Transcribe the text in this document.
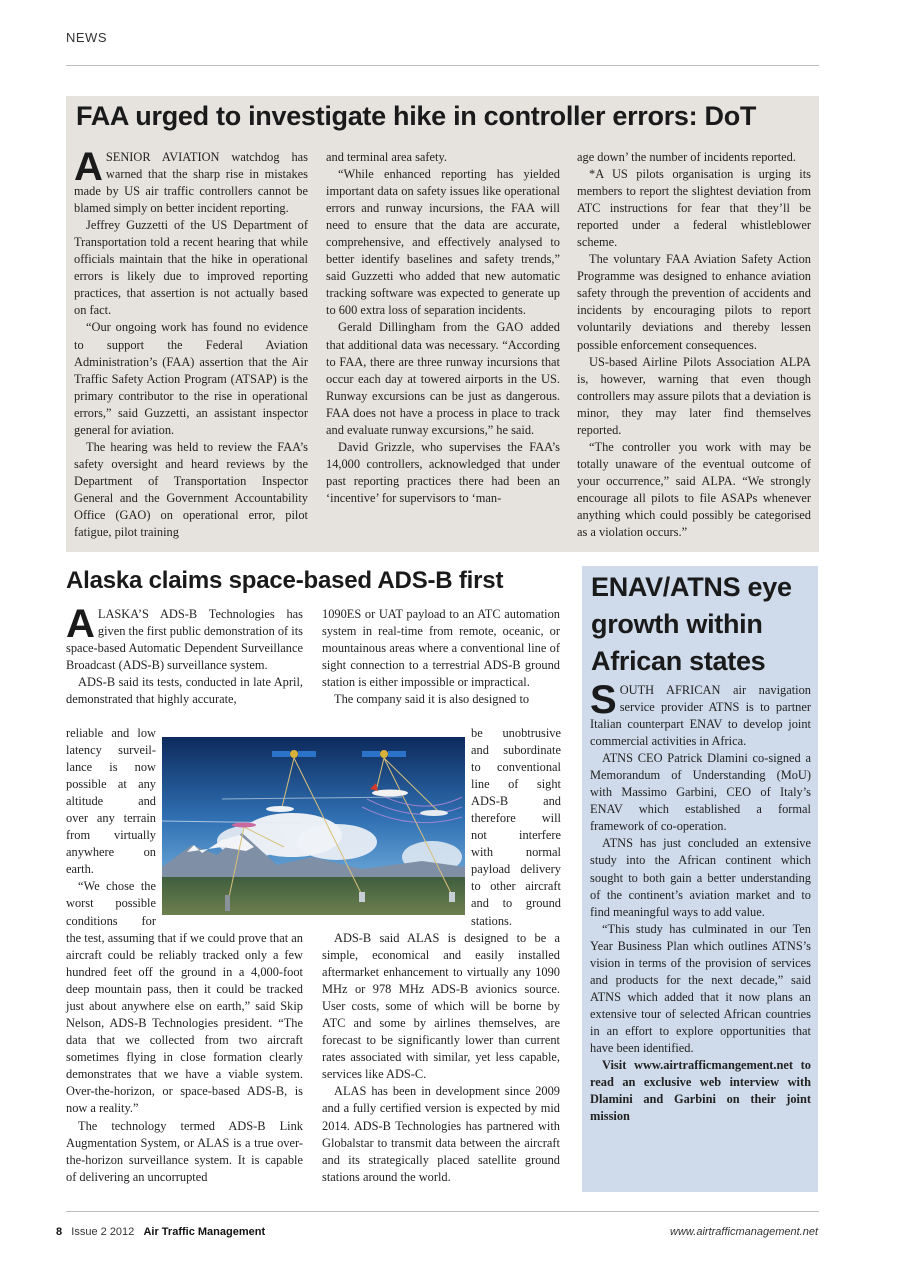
NEWS
FAA urged to investigate hike in controller errors: DoT

ASENIOR AVIATION watchdog has warned that the sharp rise in mistakes made by US air traffic controllers cannot be blamed simply on better incident reporting.

Jeffrey Guzzetti of the US Department of Transportation told a recent hearing that while officials maintain that the hike in operational errors is likely due to improved reporting practices, that assertion is not actually based on fact.

“Our ongoing work has found no evidence to support the Federal Aviation Administration’s (FAA) assertion that the Air Traffic Safety Action Program (ATSAP) is the primary contributor to the rise in operational errors,” said Guzzetti, an assistant inspector general for aviation.

The hearing was held to review the FAA’s safety oversight and heard reviews by the Department of Transportation Inspector General and the Government Accountability Office (GAO) on operational error, pilot fatigue, pilot training

and terminal area safety.

“While enhanced reporting has yielded important data on safety issues like operational errors and runway incursions, the FAA will need to ensure that the data are accurate, comprehensive, and effectively analysed to better identify baselines and safety trends,” said Guzzetti who added that new automatic tracking software was expected to generate up to 600 extra loss of separation incidents.

Gerald Dillingham from the GAO added that additional data was necessary. “According to FAA, there are three runway incursions that occur each day at towered airports in the US. Runway excursions can be just as dangerous. FAA does not have a process in place to track and evaluate runway excursions,” he said.

David Grizzle, who supervises the FAA’s 14,000 controllers, acknowledged that under past reporting practices there had been an ‘incentive’ for supervisors to ‘man-

age down’ the number of incidents reported.

*A US pilots organisation is urging its members to report the slightest deviation from ATC instructions for fear that they’ll be reported under a federal whistleblower scheme.

The voluntary FAA Aviation Safety Action Programme was designed to enhance aviation safety through the prevention of accidents and incidents by encouraging pilots to report voluntarily deviations and thereby lessen possible enforcement consequences.

US-based Airline Pilots Association ALPA is, however, warning that even though controllers may assure pilots that a deviation is minor, they may later find themselves reported.

“The controller you work with may be totally unaware of the eventual outcome of your occurrence,” said ALPA. “We strongly encourage all pilots to file ASAPs whenever anything which could possibly be categorised as a violation occurs.”

Alaska claims space-based ADS-B first

ALASKA’S ADS-B Technologies has given the first public demonstration of its space-based Automatic Dependent Surveillance Broadcast (ADS-B) surveillance system.

ADS-B said its tests, conducted in late April, demonstrated that highly accurate,

1090ES or UAT payload to an ATC automation system in real-time from remote, oceanic, or mountainous areas where a conventional line of sight connection to a terrestrial ADS-B ground station is either impossible or impractical.

The company said it is also designed to

reliable and low

latency surveil-

lance is now

possible at any

altitude and

over any terrain

from virtually

anywhere on

earth.

“We chose the

worst possible

conditions for

be unobtrusive

and subordinate

to conventional

line of sight

ADS-B and

therefore will

not interfere

with normal

payload delivery

to other aircraft

and to ground

stations.

the test, assuming that if we could prove that an aircraft could be reliably tracked only a few hundred feet off the ground in a 4,000-foot deep mountain pass, then it could be tracked just about anywhere else on earth,” said Skip Nelson, ADS-B Technologies president. “The data that we collected from two aircraft sometimes flying in close formation clearly demonstrates that we have a viable system. Over-the-horizon, or space-based ADS-B, is now a reality.”

The technology termed ADS-B Link Augmentation System, or ALAS is a true over-the-horizon surveillance system. It is capable of delivering an uncorrupted

ADS-B said ALAS is designed to be a simple, economical and easily installed aftermarket enhancement to virtually any 1090 MHz or 978 MHz ADS-B avionics source. User costs, some of which will be borne by ATC and some by airlines themselves, are forecast to be significantly lower than current rates associated with similar, yet less capable, services like ADS-C.

ALAS has been in development since 2009 and a fully certified version is expected by mid 2014. ADS-B Technologies has partnered with Globalstar to transmit data between the aircraft and its strategically placed satellite ground stations around the world.

ENAV/ATNS eye growth within African states

SOUTH AFRICAN air navigation service provider ATNS is to partner Italian counterpart ENAV to develop joint commercial activities in Africa.

ATNS CEO Patrick Dlamini co-signed a Memorandum of Understanding (MoU) with Massimo Garbini, CEO of Italy’s ENAV which established a formal framework of co-operation.

ATNS has just concluded an extensive study into the African continent which sought to both gain a better understanding of the continent’s aviation market and to find meaningful ways to add value.

“This study has culminated in our Ten Year Business Plan which outlines ATNS’s vision in terms of the provision of services and products for the next decade,” said ATNS which added that it now plans an extensive tour of selected African countries in an effort to explore opportunities that have been identified.

Visit www.airtrafficmangement.net to read an exclusive web interview with Dlamini and Garbini on their joint mission

8 Issue 2 2012 Air Traffic Management	www.airtrafficmanagement.net
